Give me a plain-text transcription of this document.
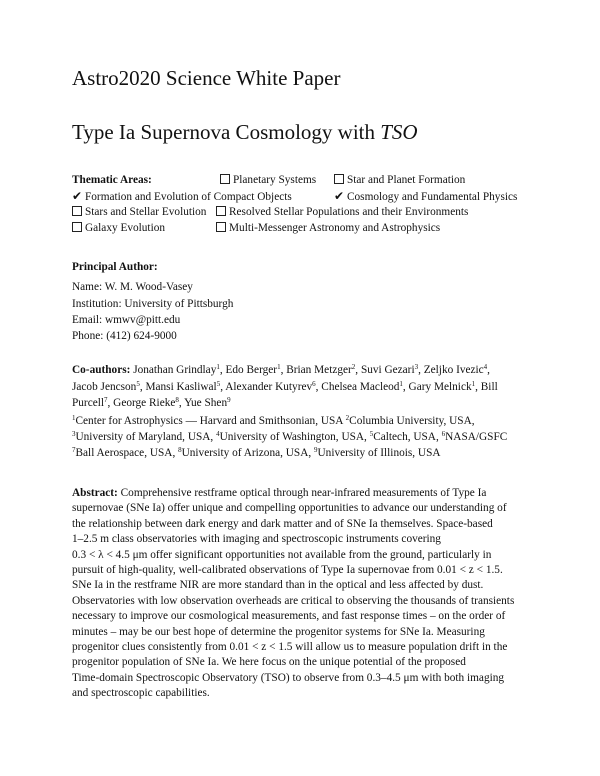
Astro2020 Science White Paper
Type Ia Supernova Cosmology with TSO
Thematic Areas:	Planetary Systems	Star and Planet Formation
✔ Formation and Evolution of Compact Objects	✔ Cosmology and Fundamental Physics
Stars and Stellar Evolution	Resolved Stellar Populations and their Environments
Galaxy Evolution	Multi-Messenger Astronomy and Astrophysics
Principal Author:
Name: W. M. Wood-Vasey
Institution: University of Pittsburgh
Email: wmwv@pitt.edu
Phone: (412) 624-9000
Co-authors: Jonathan Grindlay$^1$, Edo Berger$^1$, Brian Metzger$^2$, Suvi Gezari$^3$, Zeljko Ivezic$^4$,
Jacob Jencson$^5$, Mansi Kasliwal$^5$, Alexander Kutyrev$^6$, Chelsea Macleod$^1$, Gary Melnick$^1$, Bill
Purcell$^7$, George Rieke$^8$, Yue Shen$^9$
$^1$Center for Astrophysics — Harvard and Smithsonian, USA $^2$Columbia University, USA,
$^3$University of Maryland, USA, $^4$University of Washington, USA, $^5$Caltech, USA, $^6$NASA/GSFC
$^7$Ball Aerospace, USA, $^8$University of Arizona, USA, $^9$University of Illinois, USA
Abstract: Comprehensive restframe optical through near-infrared measurements of Type Ia
supernovae (SNe Ia) offer unique and compelling opportunities to advance our understanding of
the relationship between dark energy and dark matter and of SNe Ia themselves. Space-based
1–2.5 m class observatories with imaging and spectroscopic instruments covering
0.3 < λ < 4.5 μm offer significant opportunities not available from the ground, particularly in
pursuit of high-quality, well-calibrated observations of Type Ia supernovae from 0.01 < z < 1.5.
SNe Ia in the restframe NIR are more standard than in the optical and less affected by dust.
Observatories with low observation overheads are critical to observing the thousands of transients
necessary to improve our cosmological measurements, and fast response times – on the order of
minutes – may be our best hope of determine the progenitor systems for SNe Ia. Measuring
progenitor clues consistently from 0.01 < z < 1.5 will allow us to measure population drift in the
progenitor population of SNe Ia. We here focus on the unique potential of the proposed
Time-domain Spectroscopic Observatory (TSO) to observe from 0.3–4.5 μm with both imaging
and spectroscopic capabilities.
